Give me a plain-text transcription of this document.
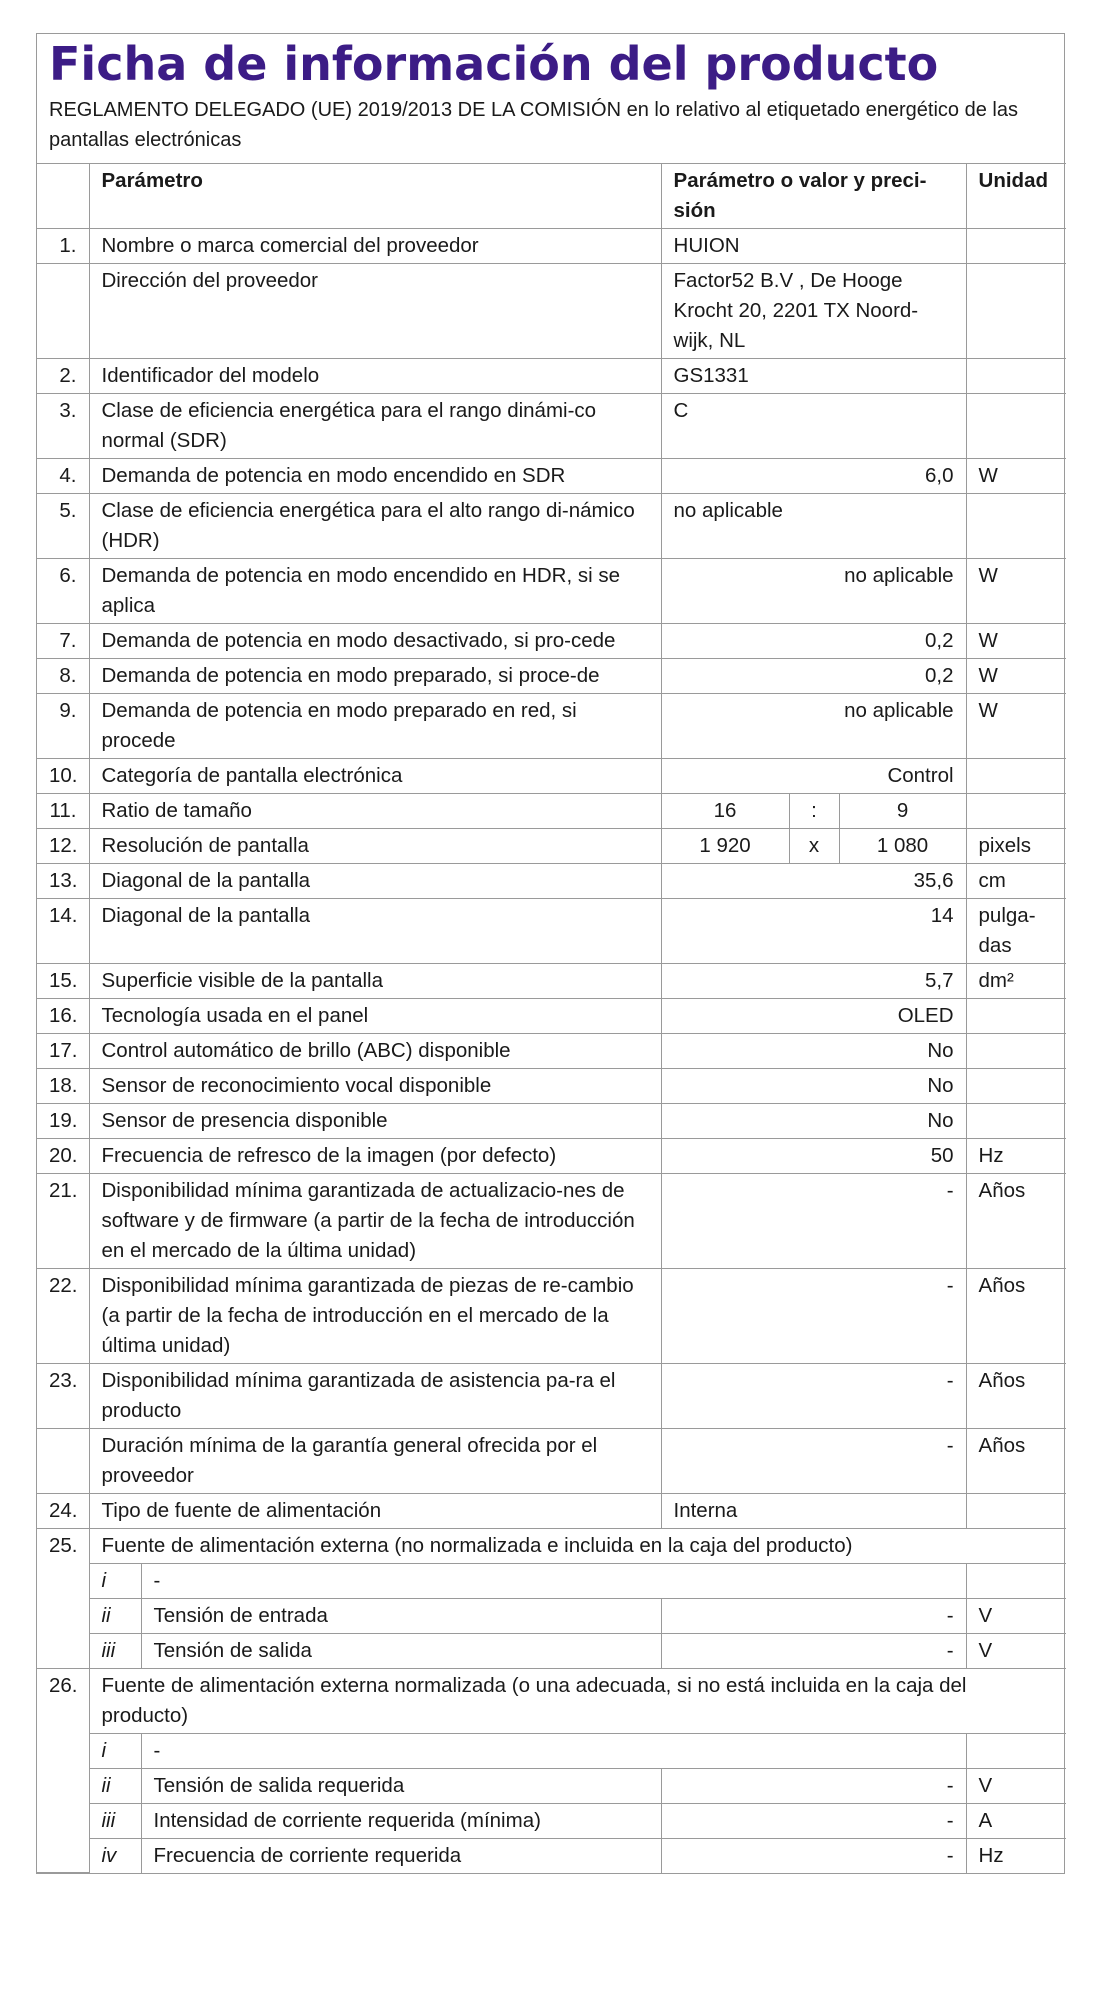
Ficha de información del producto
REGLAMENTO DELEGADO (UE) 2019/2013 DE LA COMISIÓN en lo relativo al etiquetado energético de las pantallas electrónicas
	Parámetro		Parámetro o valor y preci-sión			Unidad
1.	Nombre o marca comercial del proveedor		HUION			
	Dirección del proveedor		Factor52 B.V , De Hooge Krocht 20, 2201 TX Noord-wijk, NL			
2.	Identificador del modelo		GS1331			
3.	Clase de eficiencia energética para el rango dinámi-co normal (SDR)		C			
4.	Demanda de potencia en modo encendido en SDR		6,0			W
5.	Clase de eficiencia energética para el alto rango di-námico (HDR)		no aplicable			
6.	Demanda de potencia en modo encendido en HDR, si se aplica		no aplicable			W
7.	Demanda de potencia en modo desactivado, si pro-cede		0,2			W
8.	Demanda de potencia en modo preparado, si proce-de		0,2			W
9.	Demanda de potencia en modo preparado en red, si procede		no aplicable			W
10.	Categoría de pantalla electrónica		Control			
11.	Ratio de tamaño		16	:	9	
12.	Resolución de pantalla		1 920	x	1 080	pixels
13.	Diagonal de la pantalla		35,6			cm
14.	Diagonal de la pantalla		14			pulga-das
15.	Superficie visible de la pantalla		5,7			dm²
16.	Tecnología usada en el panel		OLED			
17.	Control automático de brillo (ABC) disponible		No			
18.	Sensor de reconocimiento vocal disponible		No			
19.	Sensor de presencia disponible		No			
20.	Frecuencia de refresco de la imagen (por defecto)		50			Hz
21.	Disponibilidad mínima garantizada de actualizacio-nes de software y de firmware (a partir de la fecha de introducción en el mercado de la última unidad)		-			Años
22.	Disponibilidad mínima garantizada de piezas de re-cambio (a partir de la fecha de introducción en el mercado de la última unidad)		-			Años
23.	Disponibilidad mínima garantizada de asistencia pa-ra el producto		-			Años
	Duración mínima de la garantía general ofrecida por el proveedor		-			Años
24.	Tipo de fuente de alimentación		Interna			
25.	Fuente de alimentación externa (no normalizada e incluida en la caja del producto)					
	i	-				
	ii	Tensión de entrada	-			V
	iii	Tensión de salida	-			V
26.	Fuente de alimentación externa normalizada (o una adecuada, si no está incluida en la caja del producto)					
	i	-				
	ii	Tensión de salida requerida	-			V
	iii	Intensidad de corriente requerida (mínima)	-			A
	iv	Frecuencia de corriente requerida	-			Hz
